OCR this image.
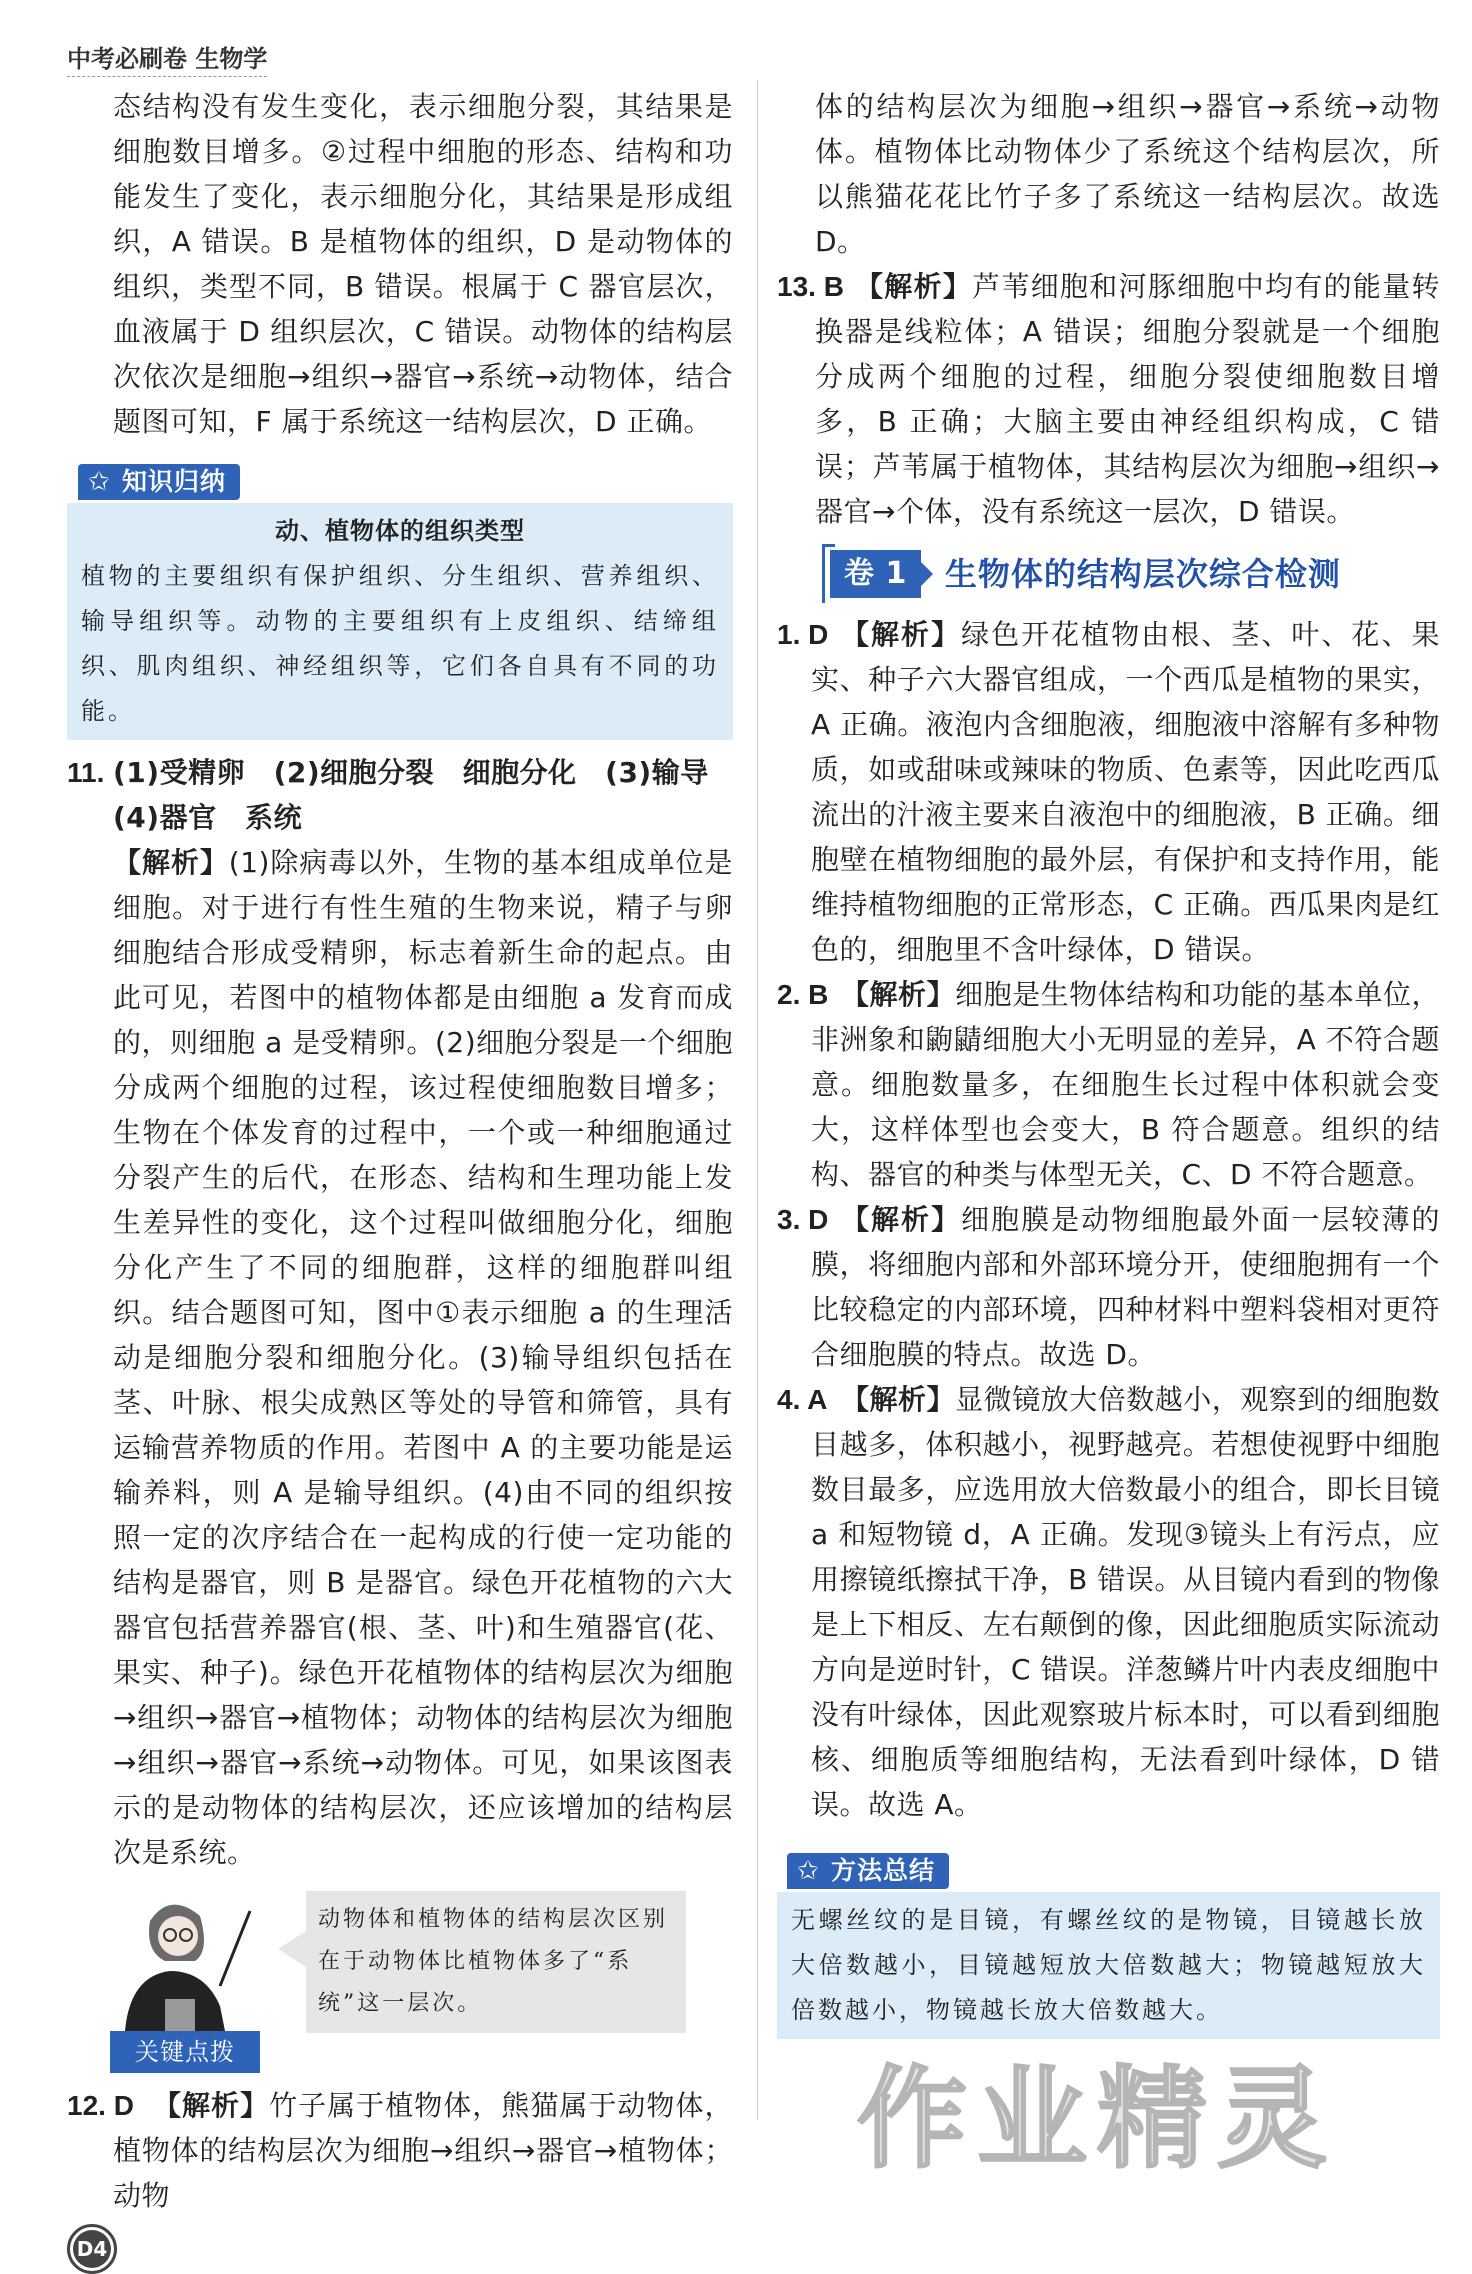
中考必刷卷 生物学

态结构没有发生变化，表示细胞分裂，其结果是细胞数目增多。②过程中细胞的形态、结构和功能发生了变化，表示细胞分化，其结果是形成组织，A 错误。B 是植物体的组织，D 是动物体的组织，类型不同，B 错误。根属于 C 器官层次，血液属于 D 组织层次，C 错误。动物体的结构层次依次是细胞→组织→器官→系统→动物体，结合题图可知，F 属于系统这一结构层次，D 正确。

✩ 知识归纳
动、植物体的组织类型
植物的主要组织有保护组织、分生组织、营养组织、输导组织等。动物的主要组织有上皮组织、结缔组织、肌肉组织、神经组织等，它们各自具有不同的功能。
11. (1)受精卵　(2)细胞分裂　细胞分化　(3)输导
(4)器官　系统

【解析】(1)除病毒以外，生物的基本组成单位是细胞。对于进行有性生殖的生物来说，精子与卵细胞结合形成受精卵，标志着新生命的起点。由此可见，若图中的植物体都是由细胞 a 发育而成的，则细胞 a 是受精卵。(2)细胞分裂是一个细胞分成两个细胞的过程，该过程使细胞数目增多；生物在个体发育的过程中，一个或一种细胞通过分裂产生的后代，在形态、结构和生理功能上发生差异性的变化，这个过程叫做细胞分化，细胞分化产生了不同的细胞群，这样的细胞群叫组织。结合题图可知，图中①表示细胞 a 的生理活动是细胞分裂和细胞分化。(3)输导组织包括在茎、叶脉、根尖成熟区等处的导管和筛管，具有运输营养物质的作用。若图中 A 的主要功能是运输养料，则 A 是输导组织。(4)由不同的组织按照一定的次序结合在一起构成的行使一定功能的结构是器官，则 B 是器官。绿色开花植物的六大器官包括营养器官(根、茎、叶)和生殖器官(花、果实、种子)。绿色开花植物体的结构层次为细胞→组织→器官→植物体；动物体的结构层次为细胞→组织→器官→系统→动物体。可见，如果该图表示的是动物体的结构层次，还应该增加的结构层次是系统。

关键点拨
动物体和植物体的结构层次区别在于动物体比植物体多了“系统”这一层次。
12. D 【解析】竹子属于植物体，熊猫属于动物体，植物体的结构层次为细胞→组织→器官→植物体；动物

D4

体的结构层次为细胞→组织→器官→系统→动物体。植物体比动物体少了系统这个结构层次，所以熊猫花花比竹子多了系统这一结构层次。故选 D。

13. B 【解析】芦苇细胞和河豚细胞中均有的能量转换器是线粒体；A 错误；细胞分裂就是一个细胞分成两个细胞的过程，细胞分裂使细胞数目增多，B 正确；大脑主要由神经组织构成，C 错误；芦苇属于植物体，其结构层次为细胞→组织→器官→个体，没有系统这一层次，D 错误。

卷 1	生物体的结构层次综合检测
1. D 【解析】绿色开花植物由根、茎、叶、花、果实、种子六大器官组成，一个西瓜是植物的果实，A 正确。液泡内含细胞液，细胞液中溶解有多种物质，如或甜味或辣味的物质、色素等，因此吃西瓜流出的汁液主要来自液泡中的细胞液，B 正确。细胞壁在植物细胞的最外层，有保护和支持作用，能维持植物细胞的正常形态，C 正确。西瓜果肉是红色的，细胞里不含叶绿体，D 错误。

2. B 【解析】细胞是生物体结构和功能的基本单位，非洲象和鼩鼱细胞大小无明显的差异，A 不符合题意。细胞数量多，在细胞生长过程中体积就会变大，这样体型也会变大，B 符合题意。组织的结构、器官的种类与体型无关，C、D 不符合题意。

3. D 【解析】细胞膜是动物细胞最外面一层较薄的膜，将细胞内部和外部环境分开，使细胞拥有一个比较稳定的内部环境，四种材料中塑料袋相对更符合细胞膜的特点。故选 D。

4. A 【解析】显微镜放大倍数越小，观察到的细胞数目越多，体积越小，视野越亮。若想使视野中细胞数目最多，应选用放大倍数最小的组合，即长目镜 a 和短物镜 d，A 正确。发现③镜头上有污点，应用擦镜纸擦拭干净，B 错误。从目镜内看到的物像是上下相反、左右颠倒的像，因此细胞质实际流动方向是逆时针，C 错误。洋葱鳞片叶内表皮细胞中没有叶绿体，因此观察玻片标本时，可以看到细胞核、细胞质等细胞结构，无法看到叶绿体，D 错误。故选 A。

✩ 方法总结
无螺丝纹的是目镜，有螺丝纹的是物镜，目镜越长放大倍数越小，目镜越短放大倍数越大；物镜越短放大倍数越小，物镜越长放大倍数越大。
作业精灵
